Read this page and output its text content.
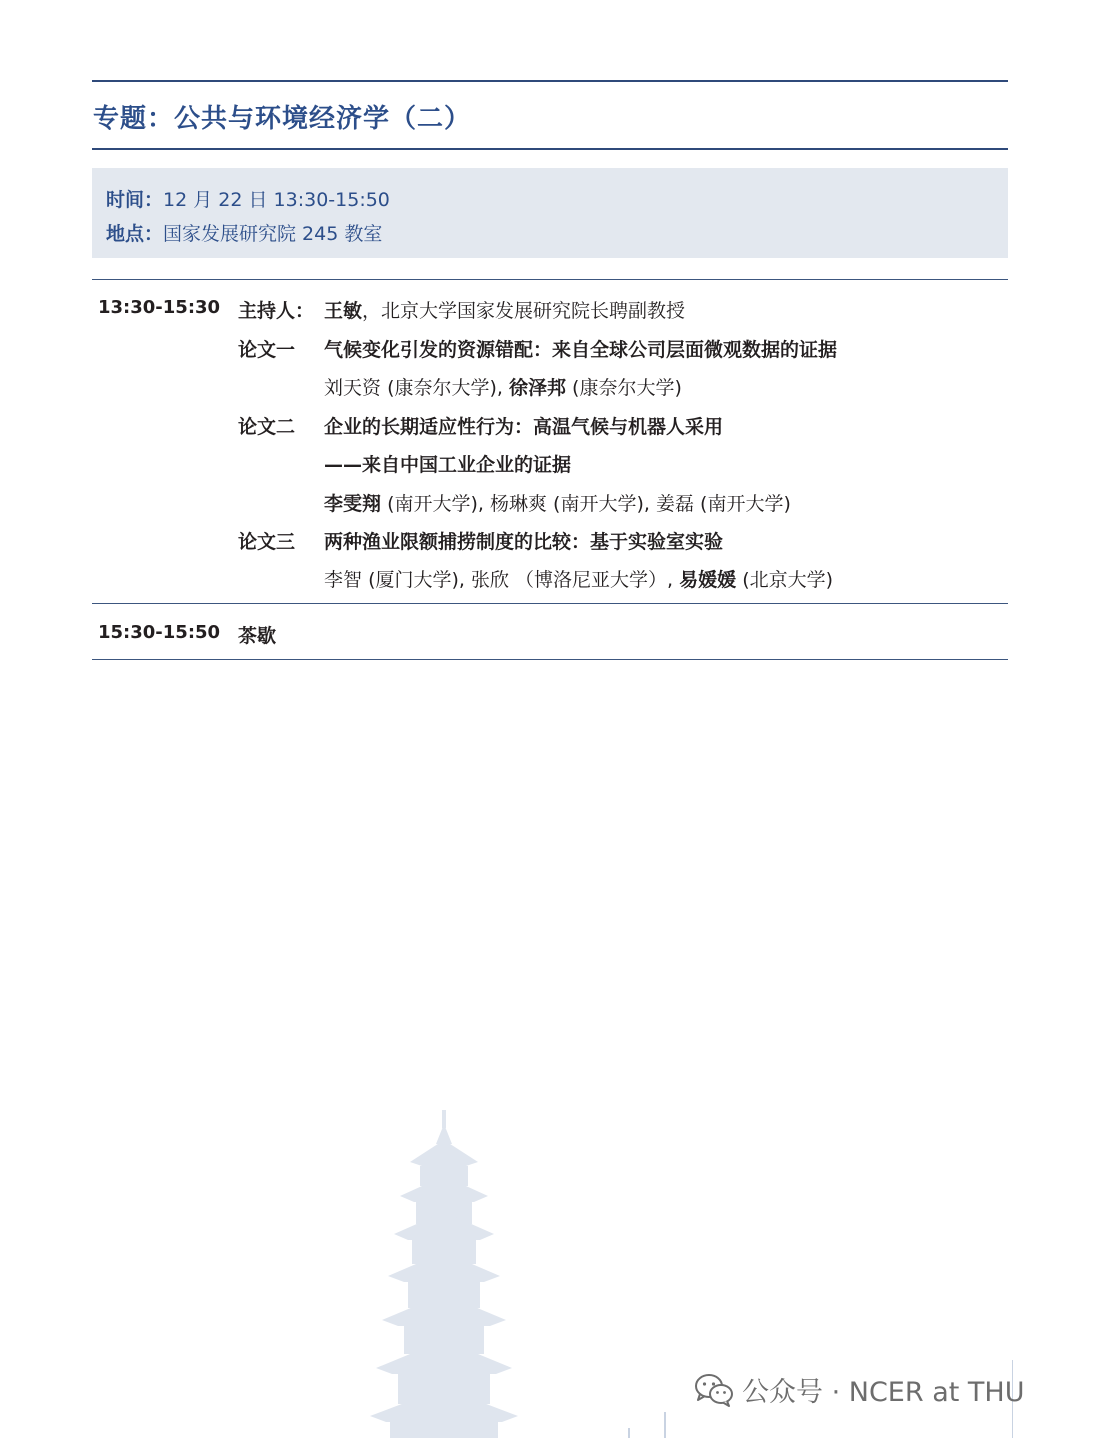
专题：公共与环境经济学（二）
时间：12 月 22 日 13:30-15:50
地点：国家发展研究院 245 教室
13:30-15:30 主持人： 王敏，北京大学国家发展研究院长聘副教授
论文一 气候变化引发的资源错配：来自全球公司层面微观数据的证据
刘天资 (康奈尔大学), 徐泽邦 (康奈尔大学)
论文二 企业的长期适应性行为：高温气候与机器人采用
——来自中国工业企业的证据
李雯翔 (南开大学), 杨琳爽 (南开大学), 姜磊 (南开大学)
论文三 两种渔业限额捕捞制度的比较：基于实验室实验
李智 (厦门大学), 张欣 （博洛尼亚大学）, 易媛媛 (北京大学)
15:30-15:50 茶歇
公众号 · NCER at THU
